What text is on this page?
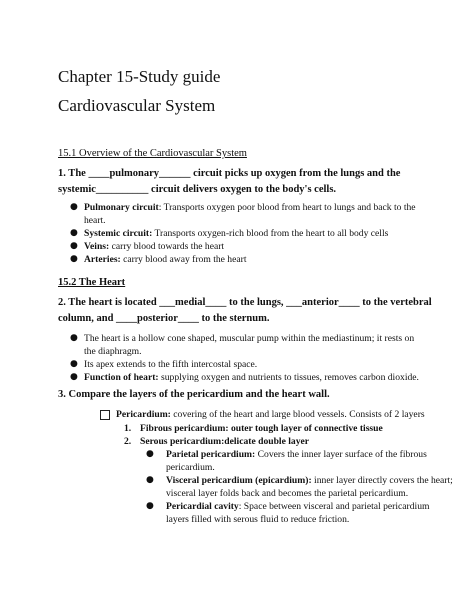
Chapter 15-Study guide
Cardiovascular System
15.1 Overview of the Cardiovascular System
1. The ____pulmonary______ circuit picks up oxygen from the lungs and the
systemic__________ circuit delivers oxygen to the body's cells.
● Pulmonary circuit: Transports oxygen poor blood from heart to lungs and back to the
heart.
● Systemic circuit: Transports oxygen-rich blood from the heart to all body cells
● Veins: carry blood towards the heart
● Arteries: carry blood away from the heart
15.2 The Heart
2. The heart is located ___medial____ to the lungs, ___anterior____ to the vertebral
column, and ____posterior____ to the sternum.
● The heart is a hollow cone shaped, muscular pump within the mediastinum; it rests on
the diaphragm.
● Its apex extends to the fifth intercostal space.
● Function of heart: supplying oxygen and nutrients to tissues, removes carbon dioxide.
3. Compare the layers of the pericardium and the heart wall.
Pericardium: covering of the heart and large blood vessels. Consists of 2 layers
1. Fibrous pericardium: outer tough layer of connective tissue
2. Serous pericardium:delicate double layer
● Parietal pericardium: Covers the inner layer surface of the fibrous
pericardium.
● Visceral pericardium (epicardium): inner layer directly covers the heart;
visceral layer folds back and becomes the parietal pericardium.
● Pericardial cavity: Space between visceral and parietal pericardium
layers filled with serous fluid to reduce friction.
